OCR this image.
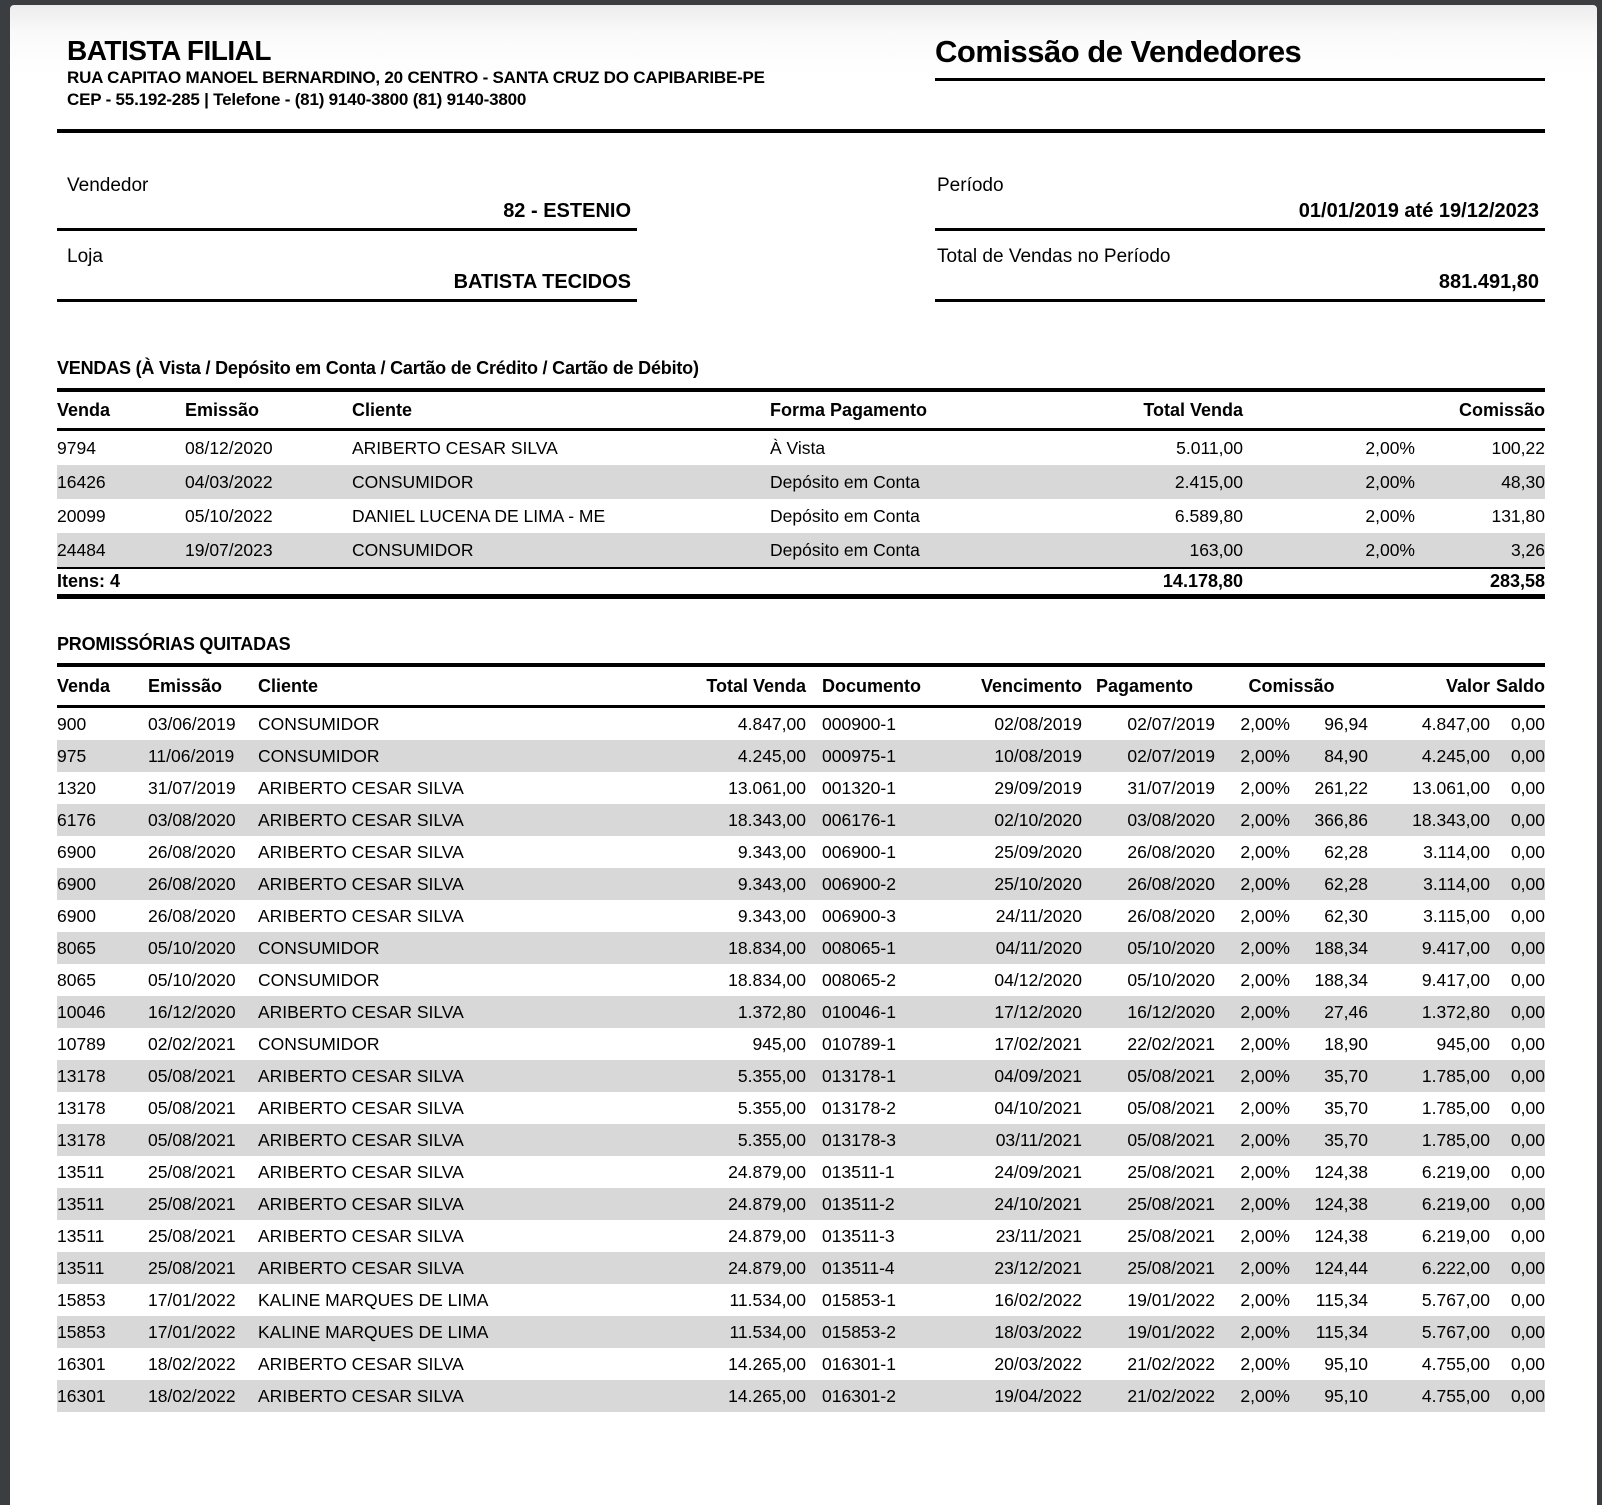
BATISTA FILIAL
RUA CAPITAO MANOEL BERNARDINO, 20 CENTRO - SANTA CRUZ DO CAPIBARIBE-PE
CEP - 55.192-285 | Telefone - (81) 9140-3800 (81) 9140-3800
Comissão de Vendedores
Vendedor
82 - ESTENIO
Loja
BATISTA TECIDOS
Período
01/01/2019 até 19/12/2023
Total de Vendas no Período
881.491,80
VENDAS (À Vista / Depósito em Conta / Cartão de Crédito / Cartão de Débito)
Venda	Emissão	Cliente	Forma Pagamento	Total Venda	Comissão
9794	08/12/2020	ARIBERTO CESAR SILVA	À Vista	5.011,00	2,00%	100,22
16426	04/03/2022	CONSUMIDOR	Depósito em Conta	2.415,00	2,00%	48,30
20099	05/10/2022	DANIEL LUCENA DE LIMA - ME	Depósito em Conta	6.589,80	2,00%	131,80
24484	19/07/2023	CONSUMIDOR	Depósito em Conta	163,00	2,00%	3,26
Itens: 4	14.178,80	283,58
PROMISSÓRIAS QUITADAS
Venda	Emissão	Cliente	Total Venda Documento	Vencimento Pagamento	Comissão	Valor Saldo
900	03/06/2019	CONSUMIDOR	4.847,00 000900-1	02/08/2019	02/07/2019	2,00%	96,94	4.847,00	0,00
975	11/06/2019	CONSUMIDOR	4.245,00 000975-1	10/08/2019	02/07/2019	2,00%	84,90	4.245,00	0,00
1320	31/07/2019	ARIBERTO CESAR SILVA	13.061,00 001320-1	29/09/2019	31/07/2019	2,00%	261,22	13.061,00	0,00
6176	03/08/2020	ARIBERTO CESAR SILVA	18.343,00 006176-1	02/10/2020	03/08/2020	2,00%	366,86	18.343,00	0,00
6900	26/08/2020	ARIBERTO CESAR SILVA	9.343,00 006900-1	25/09/2020	26/08/2020	2,00%	62,28	3.114,00	0,00
6900	26/08/2020	ARIBERTO CESAR SILVA	9.343,00 006900-2	25/10/2020	26/08/2020	2,00%	62,28	3.114,00	0,00
6900	26/08/2020	ARIBERTO CESAR SILVA	9.343,00 006900-3	24/11/2020	26/08/2020	2,00%	62,30	3.115,00	0,00
8065	05/10/2020	CONSUMIDOR	18.834,00 008065-1	04/11/2020	05/10/2020	2,00%	188,34	9.417,00	0,00
8065	05/10/2020	CONSUMIDOR	18.834,00 008065-2	04/12/2020	05/10/2020	2,00%	188,34	9.417,00	0,00
10046	16/12/2020	ARIBERTO CESAR SILVA	1.372,80 010046-1	17/12/2020	16/12/2020	2,00%	27,46	1.372,80	0,00
10789	02/02/2021	CONSUMIDOR	945,00 010789-1	17/02/2021	22/02/2021	2,00%	18,90	945,00	0,00
13178	05/08/2021	ARIBERTO CESAR SILVA	5.355,00 013178-1	04/09/2021	05/08/2021	2,00%	35,70	1.785,00	0,00
13178	05/08/2021	ARIBERTO CESAR SILVA	5.355,00 013178-2	04/10/2021	05/08/2021	2,00%	35,70	1.785,00	0,00
13178	05/08/2021	ARIBERTO CESAR SILVA	5.355,00 013178-3	03/11/2021	05/08/2021	2,00%	35,70	1.785,00	0,00
13511	25/08/2021	ARIBERTO CESAR SILVA	24.879,00 013511-1	24/09/2021	25/08/2021	2,00%	124,38	6.219,00	0,00
13511	25/08/2021	ARIBERTO CESAR SILVA	24.879,00 013511-2	24/10/2021	25/08/2021	2,00%	124,38	6.219,00	0,00
13511	25/08/2021	ARIBERTO CESAR SILVA	24.879,00 013511-3	23/11/2021	25/08/2021	2,00%	124,38	6.219,00	0,00
13511	25/08/2021	ARIBERTO CESAR SILVA	24.879,00 013511-4	23/12/2021	25/08/2021	2,00%	124,44	6.222,00	0,00
15853	17/01/2022	KALINE MARQUES DE LIMA	11.534,00 015853-1	16/02/2022	19/01/2022	2,00%	115,34	5.767,00	0,00
15853	17/01/2022	KALINE MARQUES DE LIMA	11.534,00 015853-2	18/03/2022	19/01/2022	2,00%	115,34	5.767,00	0,00
16301	18/02/2022	ARIBERTO CESAR SILVA	14.265,00 016301-1	20/03/2022	21/02/2022	2,00%	95,10	4.755,00	0,00
16301	18/02/2022	ARIBERTO CESAR SILVA	14.265,00 016301-2	19/04/2022	21/02/2022	2,00%	95,10	4.755,00	0,00
